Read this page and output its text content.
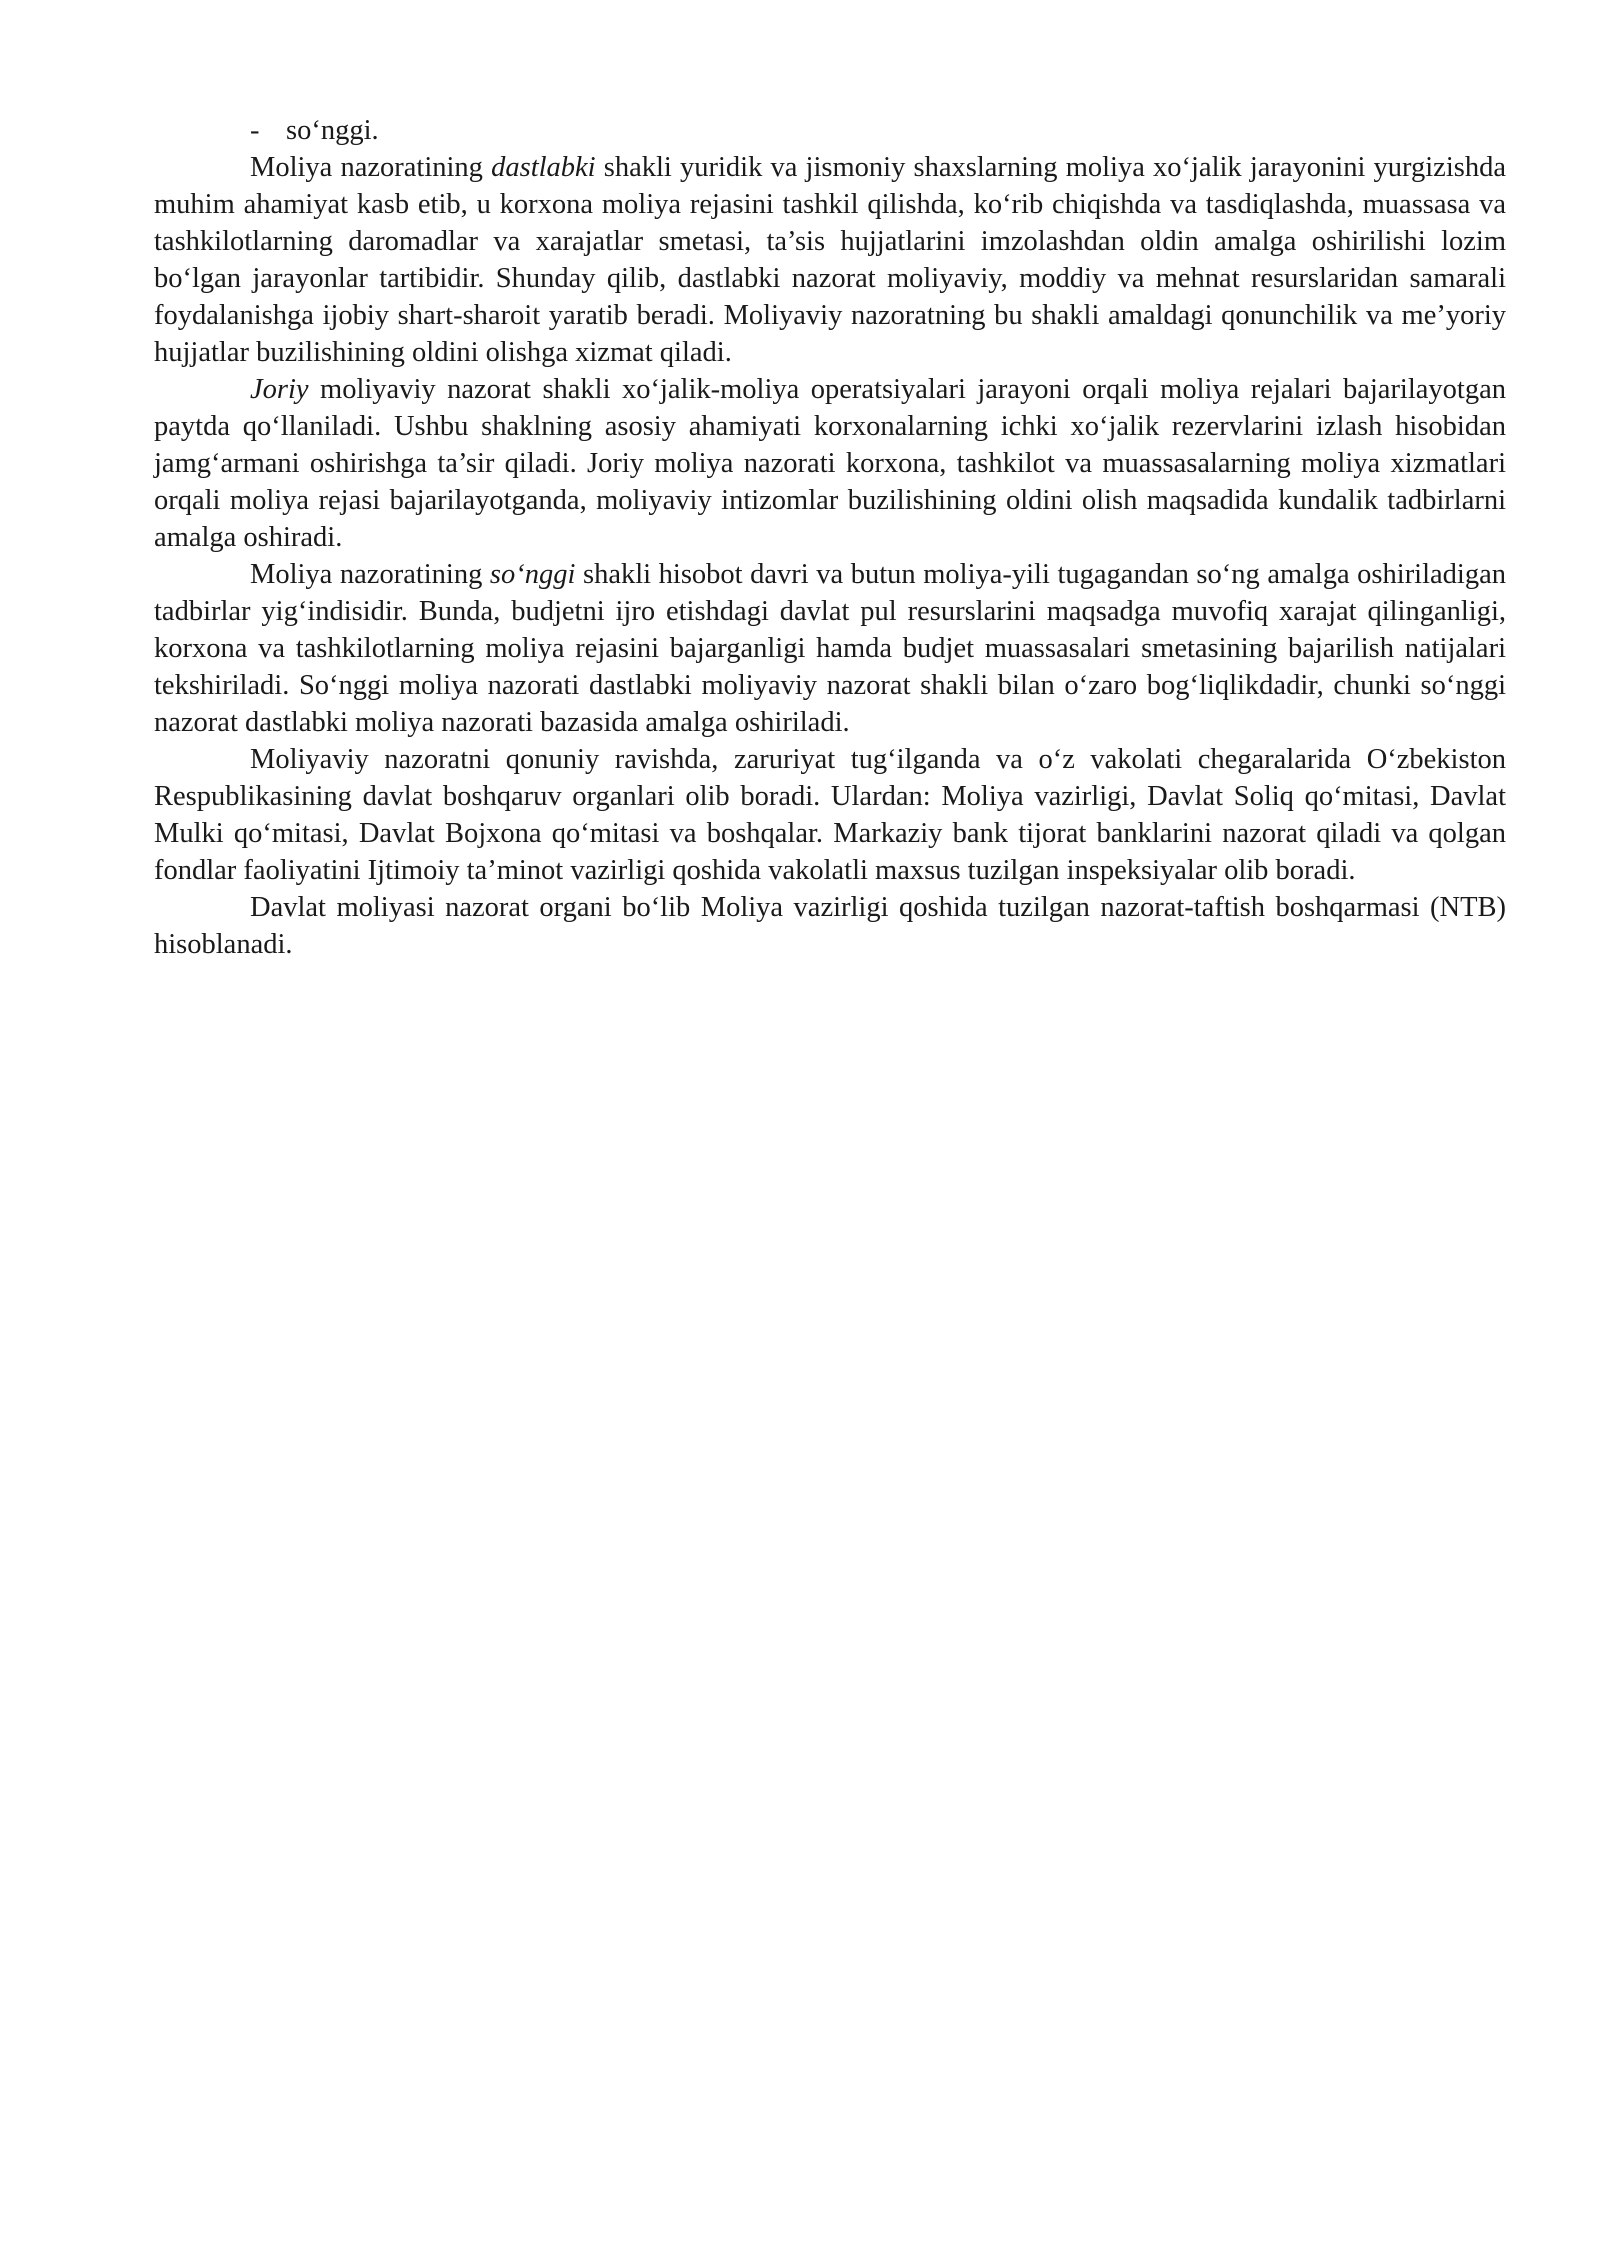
- so‘nggi.

Moliya nazoratining dastlabki shakli yuridik va jismoniy shaxslarning moliya xo‘jalik jarayonini yurgizishda muhim ahamiyat kasb etib, u korxona moliya rejasini tashkil qilishda, ko‘rib chiqishda va tasdiqlashda, muassasa va tashkilotlarning daromadlar va xarajatlar smetasi, ta’sis hujjatlarini imzolashdan oldin amalga oshirilishi lozim bo‘lgan jarayonlar tartibidir. Shunday qilib, dastlabki nazorat moliyaviy, moddiy va mehnat resurslaridan samarali foydalanishga ijobiy shart-sharoit yaratib beradi. Moliyaviy nazoratning bu shakli amaldagi qonunchilik va me’yoriy hujjatlar buzilishining oldini olishga xizmat qiladi.

Joriy moliyaviy nazorat shakli xo‘jalik-moliya operatsiyalari jarayoni orqali moliya rejalari bajarilayotgan paytda qo‘llaniladi. Ushbu shaklning asosiy ahamiyati korxonalarning ichki xo‘jalik rezervlarini izlash hisobidan jamg‘armani oshirishga ta’sir qiladi. Joriy moliya nazorati korxona, tashkilot va muassasalarning moliya xizmatlari orqali moliya rejasi bajarilayotganda, moliyaviy intizomlar buzilishining oldini olish maqsadida kundalik tadbirlarni amalga oshiradi.

Moliya nazoratining so‘nggi shakli hisobot davri va butun moliya-yili tugagandan so‘ng amalga oshiriladigan tadbirlar yig‘indisidir. Bunda, budjetni ijro etishdagi davlat pul resurslarini maqsadga muvofiq xarajat qilinganligi, korxona va tashkilotlarning moliya rejasini bajarganligi hamda budjet muassasalari smetasining bajarilish natijalari tekshiriladi. So‘nggi moliya nazorati dastlabki moliyaviy nazorat shakli bilan o‘zaro bog‘liqlikdadir, chunki so‘nggi nazorat dastlabki moliya nazorati bazasida amalga oshiriladi.

Moliyaviy nazoratni qonuniy ravishda, zaruriyat tug‘ilganda va o‘z vakolati chegaralarida O‘zbekiston Respublikasining davlat boshqaruv organlari olib boradi. Ulardan: Moliya vazirligi, Davlat Soliq qo‘mitasi, Davlat Mulki qo‘mitasi, Davlat Bojxona qo‘mitasi va boshqalar. Markaziy bank tijorat banklarini nazorat qiladi va qolgan fondlar faoliyatini Ijtimoiy ta’minot vazirligi qoshida vakolatli maxsus tuzilgan inspeksiyalar olib boradi.

Davlat moliyasi nazorat organi bo‘lib Moliya vazirligi qoshida tuzilgan nazorat-taftish boshqarmasi (NTB) hisoblanadi.
